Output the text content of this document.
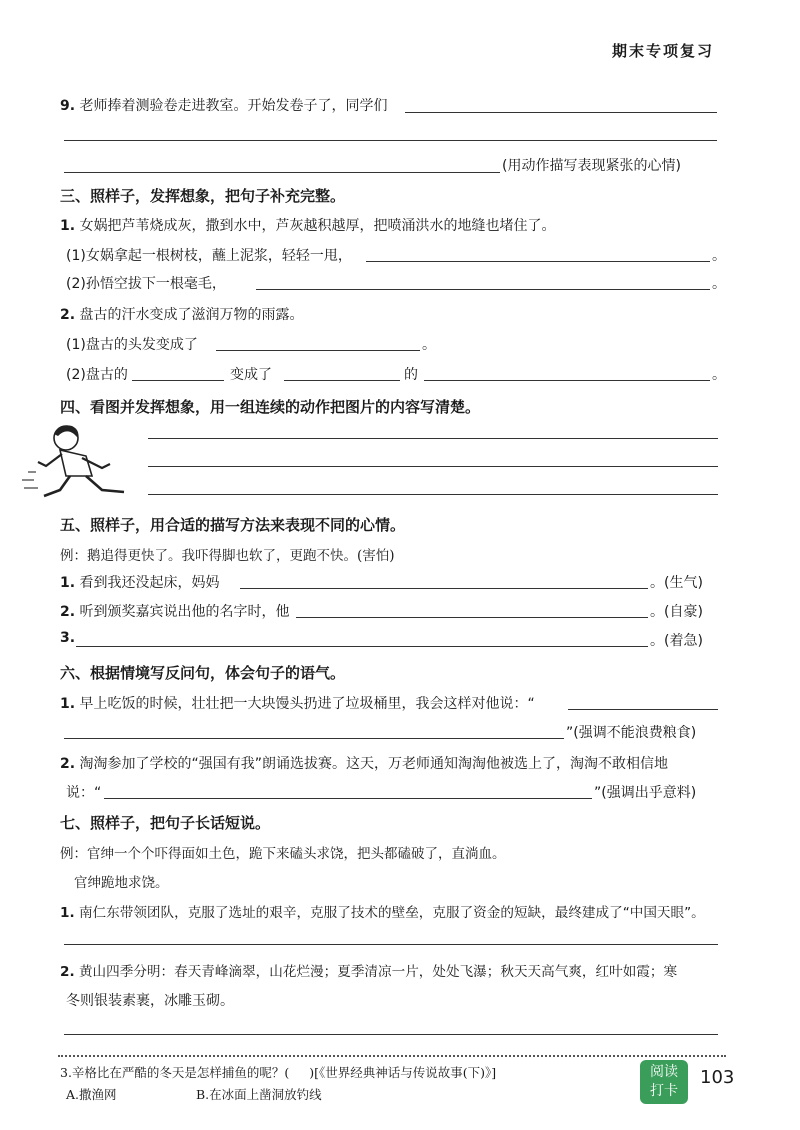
期末专项复习
9. 老师捧着测验卷走进教室。开始发卷子了，同学们
(用动作描写表现紧张的心情)
三、照样子，发挥想象，把句子补充完整。
1. 女娲把芦苇烧成灰，撒到水中，芦灰越积越厚，把喷涌洪水的地缝也堵住了。
(1)女娲拿起一根树枝，蘸上泥浆，轻轻一甩，	。
(2)孙悟空拔下一根毫毛，	。
2. 盘古的汗水变成了滋润万物的雨露。
(1)盘古的头发变成了	。
(2)盘古的	变成了	的	。
四、看图并发挥想象，用一组连续的动作把图片的内容写清楚。
五、照样子，用合适的描写方法来表现不同的心情。
例：鹅追得更快了。我吓得脚也软了，更跑不快。(害怕)
1. 看到我还没起床，妈妈	。(生气)
2. 听到颁奖嘉宾说出他的名字时，他	。(自豪)
3.	。(着急)
六、根据情境写反问句，体会句子的语气。
1. 早上吃饭的时候，壮壮把一大块馒头扔进了垃圾桶里，我会这样对他说：“
”(强调不能浪费粮食)
2. 淘淘参加了学校的“强国有我”朗诵选拔赛。这天，万老师通知淘淘他被选上了，淘淘不敢相信地
说：“	”(强调出乎意料)
七、照样子，把句子长话短说。
例：官绅一个个吓得面如土色，跪下来磕头求饶，把头都磕破了，直淌血。
官绅跪地求饶。
1. 南仁东带领团队，克服了选址的艰辛，克服了技术的壁垒，克服了资金的短缺，最终建成了“中国天眼”。
2. 黄山四季分明：春天青峰滴翠，山花烂漫；夏季清凉一片，处处飞瀑；秋天天高气爽，红叶如霞；寒
冬则银装素裹，冰雕玉砌。
3.辛格比在严酷的冬天是怎样捕鱼的呢？( )[《世界经典神话与传说故事(下)》]
A.撒渔网	B.在冰面上凿洞放钓线
阅读
打卡
103
